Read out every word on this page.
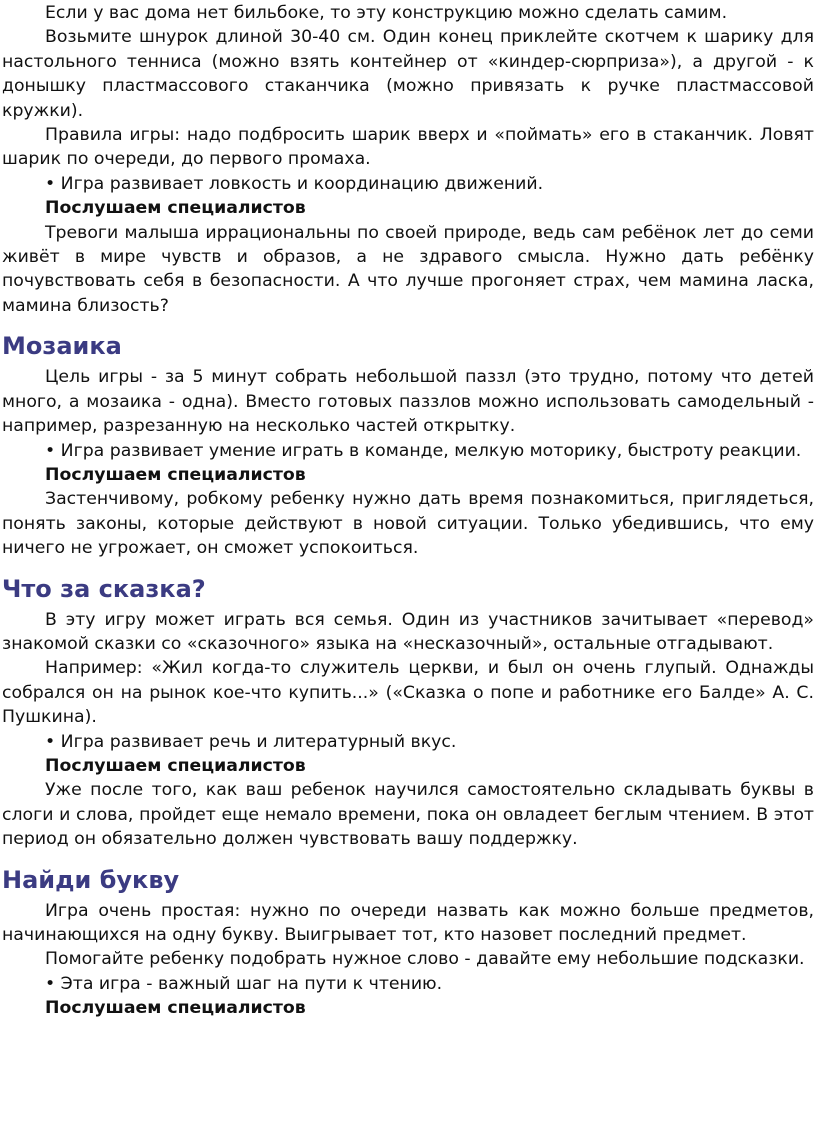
Если у вас дома нет бильбоке, то эту конструкцию можно сделать самим.

Возьмите шнурок длиной 30-40 см. Один конец приклейте скотчем к шарику для настольного тенниса (можно взять контейнер от «киндер-сюрприза»), а другой - к донышку пластмассового стаканчика (можно привязать к ручке пластмассовой кружки).

Правила игры: надо подбросить шарик вверх и «поймать» его в стаканчик. Ловят шарик по очереди, до первого промаха.

• Игра развивает ловкость и координацию движений.

Послушаем специалистов

Тревоги малыша иррациональны по своей природе, ведь сам ребёнок лет до семи живёт в мире чувств и образов, а не здравого смысла. Нужно дать ребёнку почувствовать себя в безопасности. А что лучше прогоняет страх, чем мамина ласка, мамина близость?

Мозаика

Цель игры - за 5 минут собрать небольшой паззл (это трудно, потому что детей много, а мозаика - одна). Вместо готовых паззлов можно использовать самодельный - например, разрезанную на несколько частей открытку.

• Игра развивает умение играть в команде, мелкую моторику, быстроту реакции.

Послушаем специалистов

Застенчивому, робкому ребенку нужно дать время познакомиться, приглядеться, понять законы, которые действуют в новой ситуации. Только убедившись, что ему ничего не угрожает, он сможет успокоиться.

Что за сказка?

В эту игру может играть вся семья. Один из участников зачитывает «перевод» знакомой сказки со «сказочного» языка на «несказочный», остальные отгадывают.

Например: «Жил когда-то служитель церкви, и был он очень глупый. Однажды собрался он на рынок кое-что купить...» («Сказка о попе и работнике его Балде» А. С. Пушкина).

• Игра развивает речь и литературный вкус.

Послушаем специалистов

Уже после того, как ваш ребенок научился самостоятельно складывать буквы в слоги и слова, пройдет еще немало времени, пока он овладеет беглым чтением. В этот период он обязательно должен чувствовать вашу поддержку.

Найди букву

Игра очень простая: нужно по очереди назвать как можно больше предметов, начинающихся на одну букву. Выигрывает тот, кто назовет последний предмет.

Помогайте ребенку подобрать нужное слово - давайте ему небольшие подсказки.

• Эта игра - важный шаг на пути к чтению.

Послушаем специалистов
